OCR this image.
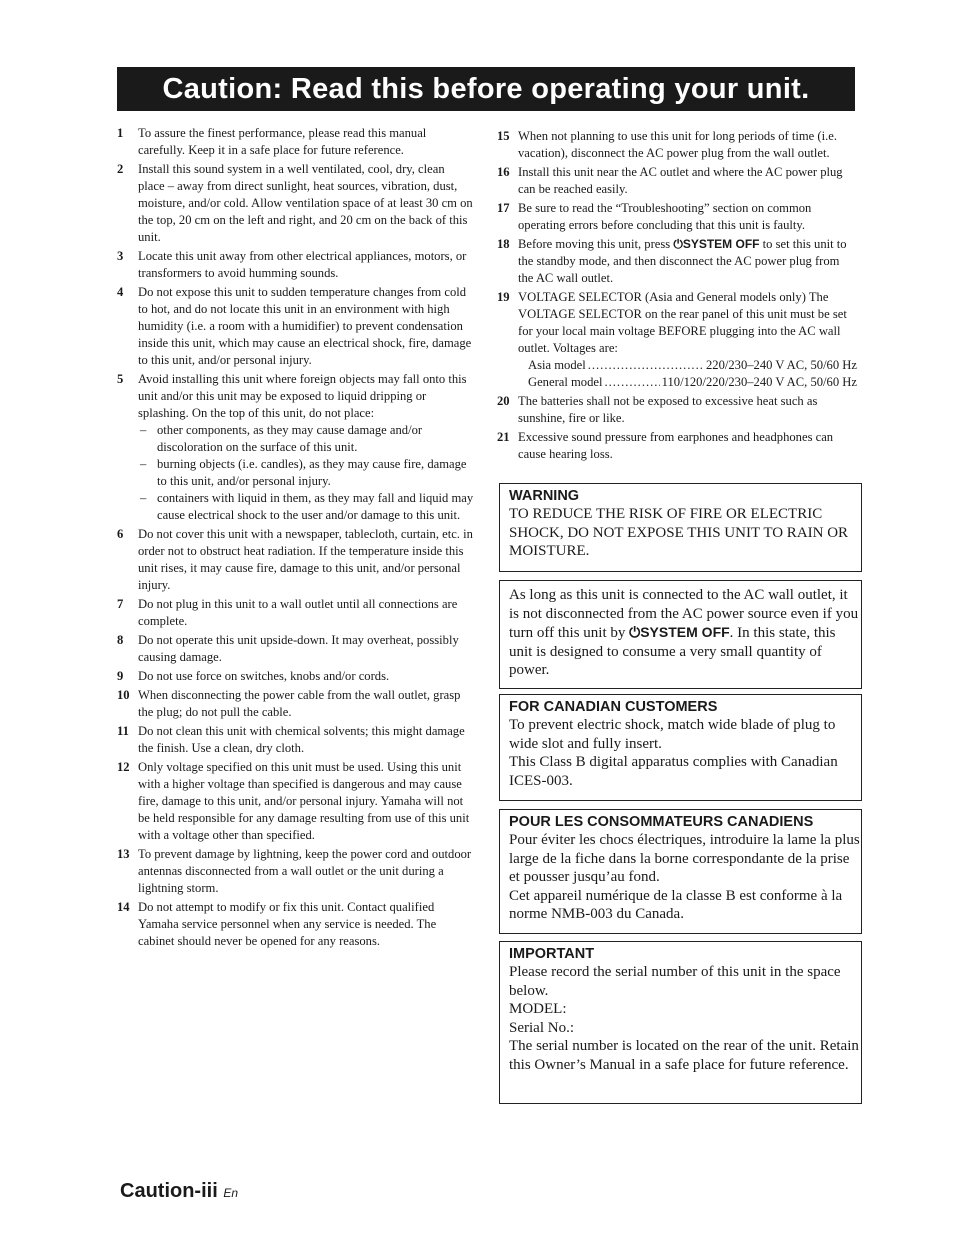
Caution: Read this before operating your unit.
1 To assure the finest performance, please read this manual carefully. Keep it in a safe place for future reference.
2 Install this sound system in a well ventilated, cool, dry, clean place – away from direct sunlight, heat sources, vibration, dust, moisture, and/or cold. Allow ventilation space of at least 30 cm on the top, 20 cm on the left and right, and 20 cm on the back of this unit.
3 Locate this unit away from other electrical appliances, motors, or transformers to avoid humming sounds.
4 Do not expose this unit to sudden temperature changes from cold to hot, and do not locate this unit in an environment with high humidity (i.e. a room with a humidifier) to prevent condensation inside this unit, which may cause an electrical shock, fire, damage to this unit, and/or personal injury.
5 Avoid installing this unit where foreign objects may fall onto this unit and/or this unit may be exposed to liquid dripping or splashing. On the top of this unit, do not place:
– other components, as they may cause damage and/or discoloration on the surface of this unit.
– burning objects (i.e. candles), as they may cause fire, damage to this unit, and/or personal injury.
– containers with liquid in them, as they may fall and liquid may cause electrical shock to the user and/or damage to this unit.
6 Do not cover this unit with a newspaper, tablecloth, curtain, etc. in order not to obstruct heat radiation. If the temperature inside this unit rises, it may cause fire, damage to this unit, and/or personal injury.
7 Do not plug in this unit to a wall outlet until all connections are complete.
8 Do not operate this unit upside-down. It may overheat, possibly causing damage.
9 Do not use force on switches, knobs and/or cords.
10 When disconnecting the power cable from the wall outlet, grasp the plug; do not pull the cable.
11 Do not clean this unit with chemical solvents; this might damage the finish. Use a clean, dry cloth.
12 Only voltage specified on this unit must be used. Using this unit with a higher voltage than specified is dangerous and may cause fire, damage to this unit, and/or personal injury. Yamaha will not be held responsible for any damage resulting from use of this unit with a voltage other than specified.
13 To prevent damage by lightning, keep the power cord and outdoor antennas disconnected from a wall outlet or the unit during a lightning storm.
14 Do not attempt to modify or fix this unit. Contact qualified Yamaha service personnel when any service is needed. The cabinet should never be opened for any reasons.
15 When not planning to use this unit for long periods of time (i.e. vacation), disconnect the AC power plug from the wall outlet.
16 Install this unit near the AC outlet and where the AC power plug can be reached easily.
17 Be sure to read the “Troubleshooting” section on common operating errors before concluding that this unit is faulty.
18 Before moving this unit, press ⏻SYSTEM OFF to set this unit to the standby mode, and then disconnect the AC power plug from the AC wall outlet.
19 VOLTAGE SELECTOR (Asia and General models only) The VOLTAGE SELECTOR on the rear panel of this unit must be set for your local main voltage BEFORE plugging into the AC wall outlet. Voltages are:
Asia model .....	220/230–240 V AC, 50/60 Hz
General model .....	110/120/220/230–240 V AC, 50/60 Hz
20 The batteries shall not be exposed to excessive heat such as sunshine, fire or like.
21 Excessive sound pressure from earphones and headphones can cause hearing loss.
WARNING
TO REDUCE THE RISK OF FIRE OR ELECTRIC SHOCK, DO NOT EXPOSE THIS UNIT TO RAIN OR MOISTURE.
As long as this unit is connected to the AC wall outlet, it is not disconnected from the AC power source even if you turn off this unit by ⏻SYSTEM OFF. In this state, this unit is designed to consume a very small quantity of power.
FOR CANADIAN CUSTOMERS
To prevent electric shock, match wide blade of plug to wide slot and fully insert.
This Class B digital apparatus complies with Canadian ICES-003.
POUR LES CONSOMMATEURS CANADIENS
Pour éviter les chocs électriques, introduire la lame la plus large de la fiche dans la borne correspondante de la prise et pousser jusqu’au fond.
Cet appareil numérique de la classe B est conforme à la norme NMB-003 du Canada.
IMPORTANT
Please record the serial number of this unit in the space below.
MODEL:
Serial No.:
The serial number is located on the rear of the unit. Retain this Owner’s Manual in a safe place for future reference.
Caution-iii En
